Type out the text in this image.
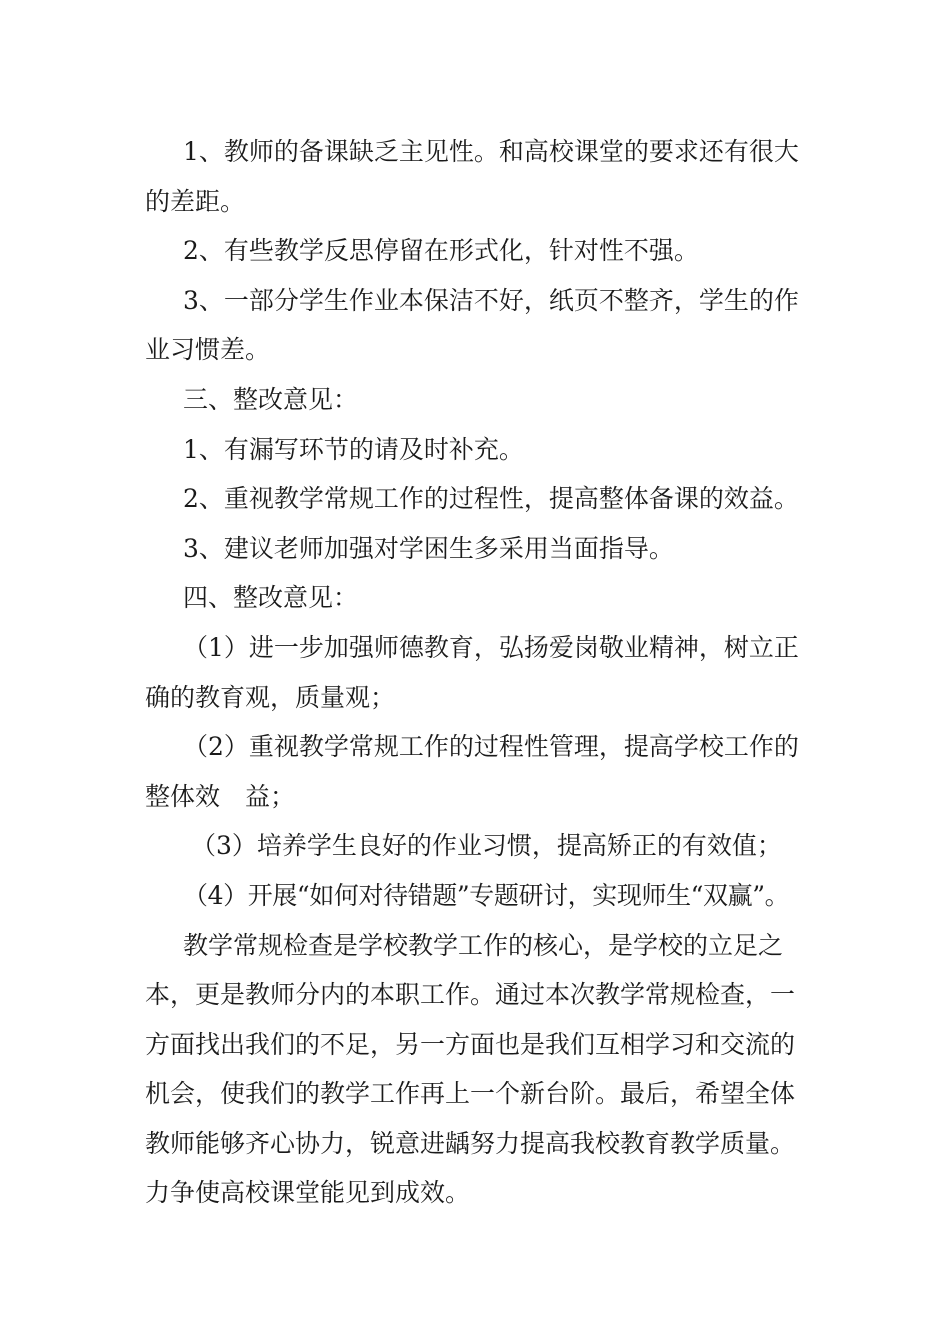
1、教师的备课缺乏主见性。和高校课堂的要求还有很大的差距。

2、有些教学反思停留在形式化，针对性不强。

3、一部分学生作业本保洁不好，纸页不整齐，学生的作业习惯差。

三、整改意见：

1、有漏写环节的请及时补充。

2、重视教学常规工作的过程性，提高整体备课的效益。

3、建议老师加强对学困生多采用当面指导。

四、整改意见：

（1）进一步加强师德教育，弘扬爱岗敬业精神，树立正确的教育观，质量观；

（2）重视教学常规工作的过程性管理，提高学校工作的整体效　益；

（3）培养学生良好的作业习惯，提高矫正的有效值；

（4）开展“如何对待错题”专题研讨，实现师生“双赢”。

教学常规检查是学校教学工作的核心，是学校的立足之本，更是教师分内的本职工作。通过本次教学常规检查，一方面找出我们的不足，另一方面也是我们互相学习和交流的机会，使我们的教学工作再上一个新台阶。最后，希望全体教师能够齐心协力，锐意进龋努力提高我校教育教学质量。力争使高校课堂能见到成效。
